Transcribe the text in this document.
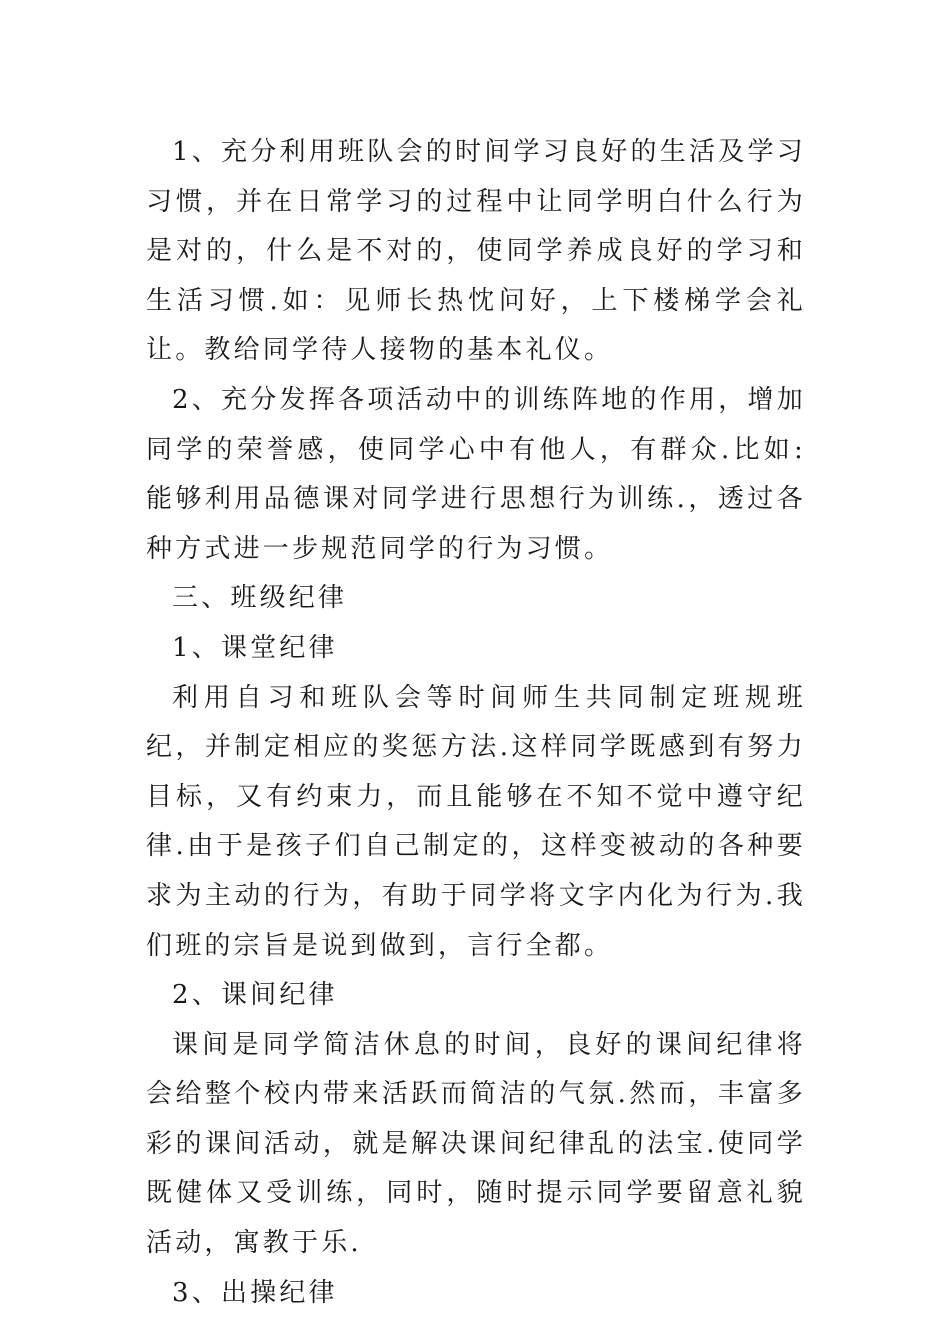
1、充分利用班队会的时间学习良好的生活及学习习惯，并在日常学习的过程中让同学明白什么行为是对的，什么是不对的，使同学养成良好的学习和生活习惯.如：见师长热忱问好，上下楼梯学会礼让。教给同学待人接物的基本礼仪。

2、充分发挥各项活动中的训练阵地的作用，增加同学的荣誉感，使同学心中有他人，有群众.比如:能够利用品德课对同学进行思想行为训练.，透过各种方式进一步规范同学的行为习惯。

三、班级纪律

1、课堂纪律

利用自习和班队会等时间师生共同制定班规班纪，并制定相应的奖惩方法.这样同学既感到有努力目标，又有约束力，而且能够在不知不觉中遵守纪律.由于是孩子们自己制定的，这样变被动的各种要求为主动的行为，有助于同学将文字内化为行为.我们班的宗旨是说到做到，言行全都。

2、课间纪律

课间是同学简洁休息的时间，良好的课间纪律将会给整个校内带来活跃而简洁的气氛.然而，丰富多彩的课间活动，就是解决课间纪律乱的法宝.使同学既健体又受训练，同时，随时提示同学要留意礼貌活动，寓教于乐.

3、出操纪律
